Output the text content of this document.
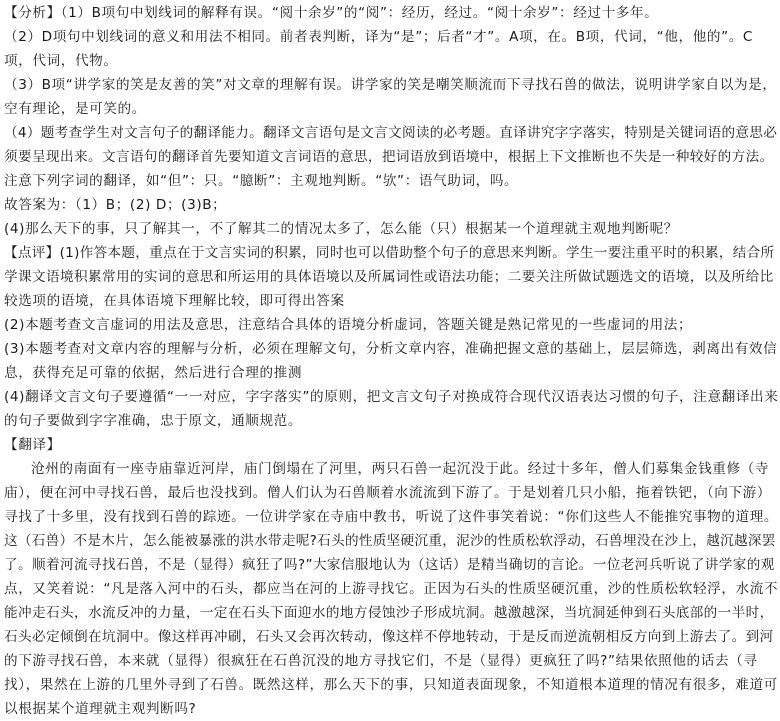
【分析】（1）B项句中划线词的解释有误。“阅十余岁”的“阅”：经历，经过。“阅十余岁”：经过十多年。
（2）D项句中划线词的意义和用法不相同。前者表判断，译为“是”；后者“才”。A项，在。B项，代词，“他，他的”。C
项，代词，代物。
（3）B项“讲学家的笑是友善的笑”对文章的理解有误。讲学家的笑是嘲笑顺流而下寻找石兽的做法，说明讲学家自以为是，
空有理论，是可笑的。
（4）题考查学生对文言句子的翻译能力。翻译文言语句是文言文阅读的必考题。直译讲究字字落实，特别是关键词语的意思必
须要呈现出来。文言语句的翻译首先要知道文言词语的意思，把词语放到语境中，根据上下文推断也不失是一种较好的方法。
注意下列字词的翻译，如“但”：只。“臆断”：主观地判断。“欤”：语气助词，吗。
故答案为：（1）B；(2) D；(3)B；
(4)那么天下的事，只了解其一，不了解其二的情况太多了，怎么能（只）根据某一个道理就主观地判断呢？
【点评】(1)作答本题，重点在于文言实词的积累，同时也可以借助整个句子的意思来判断。学生一要注重平时的积累，结合所
学课文语境积累常用的实词的意思和所运用的具体语境以及所属词性或语法功能；二要关注所做试题选文的语境，以及所给比
较选项的语境，在具体语境下理解比较，即可得出答案
(2)本题考查文言虚词的用法及意思，注意结合具体的语境分析虚词，答题关键是熟记常见的一些虚词的用法；
(3)本题考查对文章内容的理解与分析，必须在理解文句，分析文章内容，准确把握文意的基础上，层层筛选，剥离出有效信
息，获得充足可靠的依据，然后进行合理的推测
(4)翻译文言文句子要遵循“一一对应，字字落实”的原则，把文言文句子对换成符合现代汉语表达习惯的句子，注意翻译出来
的句子要做到字字准确，忠于原文，通顺规范。
【翻译】
沧州的南面有一座寺庙靠近河岸，庙门倒塌在了河里，两只石兽一起沉没于此。经过十多年，僧人们募集金钱重修（寺
庙），便在河中寻找石兽，最后也没找到。僧人们认为石兽顺着水流流到下游了。于是划着几只小船，拖着铁钯，（向下游）
寻找了十多里，没有找到石兽的踪迹。一位讲学家在寺庙中教书，听说了这件事笑着说：“你们这些人不能推究事物的道理。
这（石兽）不是木片，怎么能被暴涨的洪水带走呢?石头的性质坚硬沉重，泥沙的性质松软浮动，石兽埋没在沙上，越沉越深罢
了。顺着河流寻找石兽，不是（显得）疯狂了吗?”大家信服地认为（这话）是精当确切的言论。一位老河兵听说了讲学家的观
点，又笑着说：“凡是落入河中的石头，都应当在河的上游寻找它。正因为石头的性质坚硬沉重，沙的性质松软轻浮，水流不
能冲走石头，水流反冲的力量，一定在石头下面迎水的地方侵蚀沙子形成坑洞。越激越深，当坑洞延伸到石头底部的一半时，
石头必定倾倒在坑洞中。像这样再冲刷，石头又会再次转动，像这样不停地转动，于是反而逆流朝相反方向到上游去了。到河
的下游寻找石兽，本来就（显得）很疯狂在石兽沉没的地方寻找它们，不是（显得）更疯狂了吗?”结果依照他的话去（寻
找），果然在上游的几里外寻到了石兽。既然这样，那么天下的事，只知道表面现象，不知道根本道理的情况有很多，难道可
以根据某个道理就主观判断吗?
